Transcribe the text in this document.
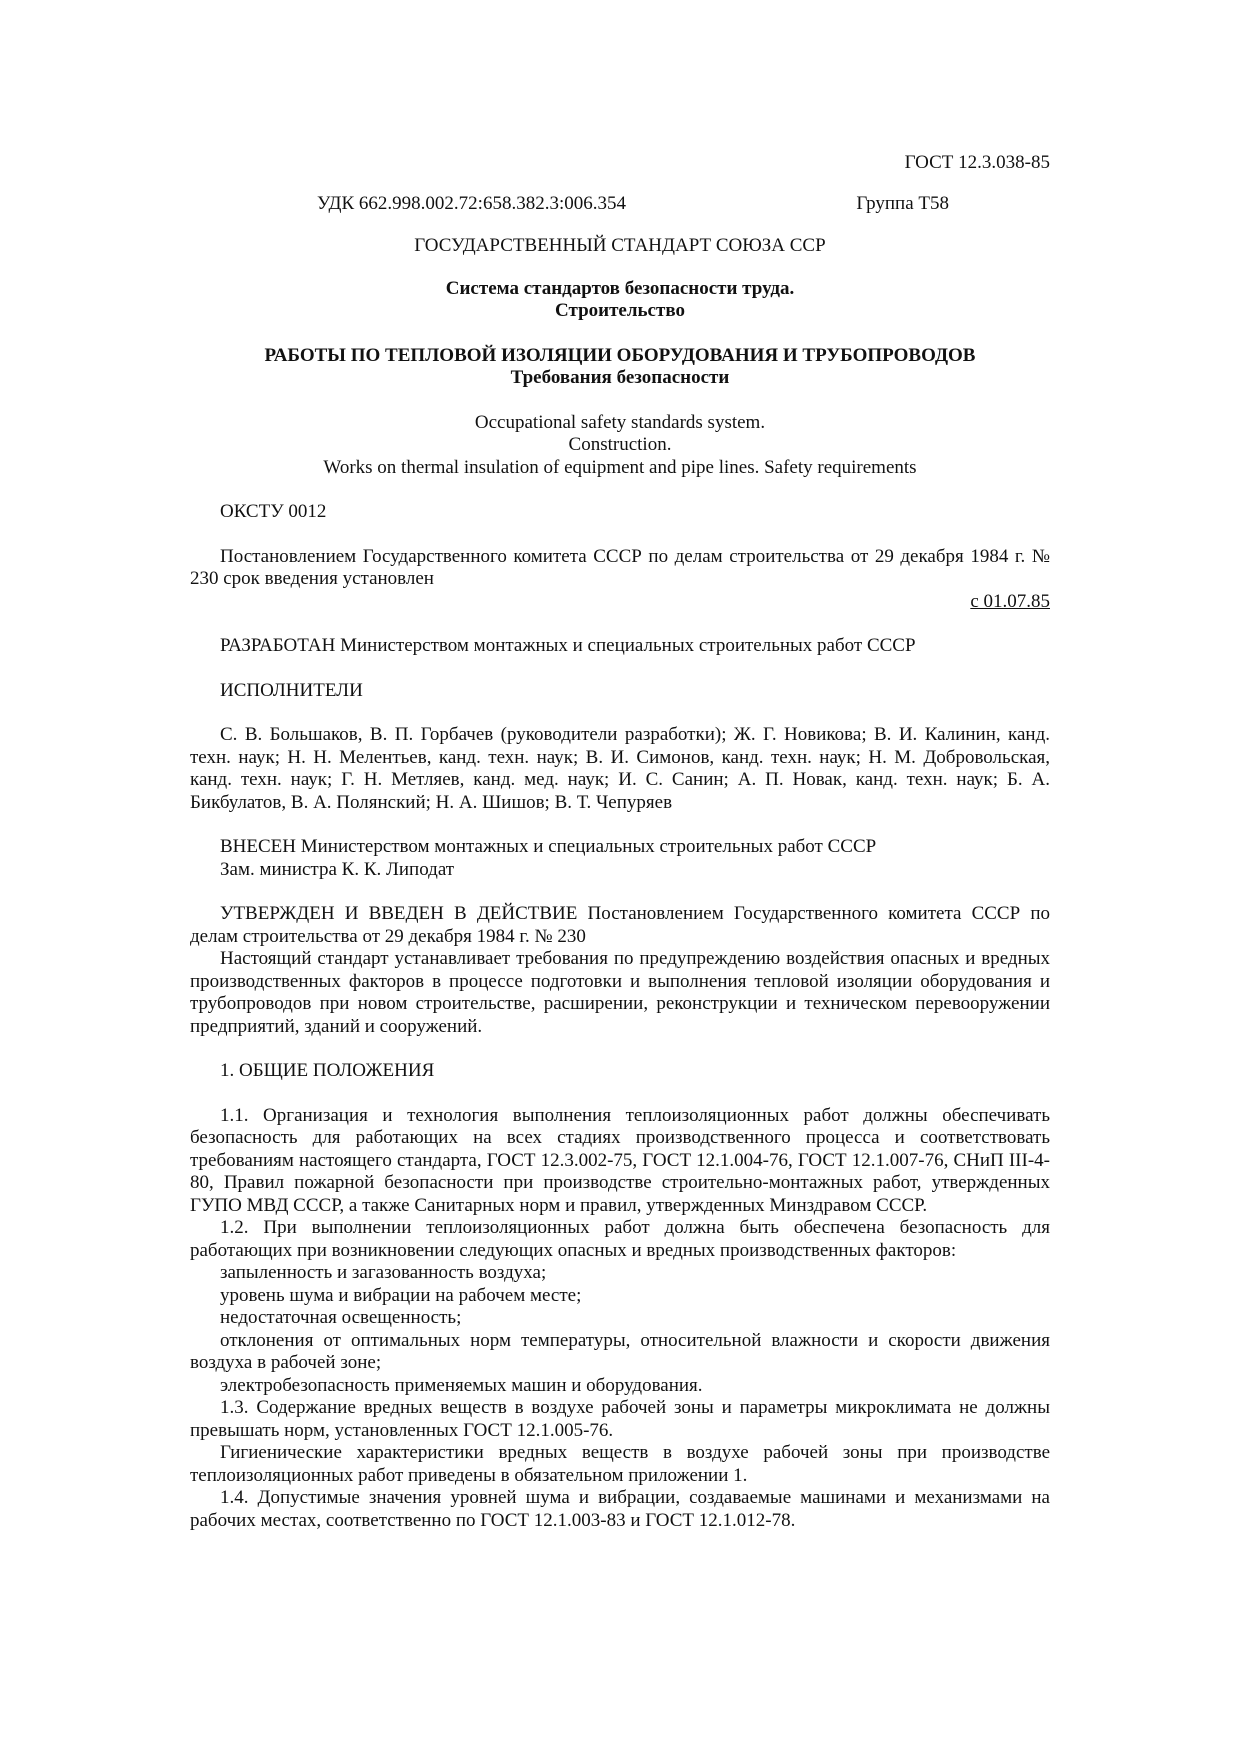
ГОСТ 12.3.038-85

УДК 662.998.002.72:658.382.3:006.354	Группа Т58

ГОСУДАРСТВЕННЫЙ СТАНДАРТ СОЮЗА ССР

Система стандартов безопасности труда.

Строительство

РАБОТЫ ПО ТЕПЛОВОЙ ИЗОЛЯЦИИ ОБОРУДОВАНИЯ И ТРУБОПРОВОДОВ

Требования безопасности

Occupational safety standards system.

Construction.

Works on thermal insulation of equipment and pipe lines. Safety requirements

ОКСТУ 0012

Постановлением Государственного комитета СССР по делам строительства от 29 декабря 1984 г. № 230 срок введения установлен

с 01.07.85

РАЗРАБОТАН Министерством монтажных и специальных строительных работ СССР

ИСПОЛНИТЕЛИ

С. В. Большаков, В. П. Горбачев (руководители разработки); Ж. Г. Новикова; В. И. Калинин, канд. техн. наук; Н. Н. Мелентьев, канд. техн. наук; В. И. Симонов, канд. техн. наук; Н. М. Добровольская, канд. техн. наук; Г. Н. Метляев, канд. мед. наук; И. С. Санин; А. П. Новак, канд. техн. наук; Б. А. Бикбулатов, В. А. Полянский; Н. А. Шишов; В. Т. Чепуряев

ВНЕСЕН Министерством монтажных и специальных строительных работ СССР

Зам. министра К. К. Липодат

УТВЕРЖДЕН И ВВЕДЕН В ДЕЙСТВИЕ Постановлением Государственного комитета СССР по делам строительства от 29 декабря 1984 г. № 230

Настоящий стандарт устанавливает требования по предупреждению воздействия опасных и вредных производственных факторов в процессе подготовки и выполнения тепловой изоляции оборудования и трубопроводов при новом строительстве, расширении, реконструкции и техническом перевооружении предприятий, зданий и сооружений.

1. ОБЩИЕ ПОЛОЖЕНИЯ

1.1. Организация и технология выполнения теплоизоляционных работ должны обеспечивать безопасность для работающих на всех стадиях производственного процесса и соответствовать требованиям настоящего стандарта, ГОСТ 12.3.002-75, ГОСТ 12.1.004-76, ГОСТ 12.1.007-76, СНиП III-4-80, Правил пожарной безопасности при производстве строительно-монтажных работ, утвержденных ГУПО МВД СССР, а также Санитарных норм и правил, утвержденных Минздравом СССР.

1.2. При выполнении теплоизоляционных работ должна быть обеспечена безопасность для работающих при возникновении следующих опасных и вредных производственных факторов:

запыленность и загазованность воздуха;

уровень шума и вибрации на рабочем месте;

недостаточная освещенность;

отклонения от оптимальных норм температуры, относительной влажности и скорости движения воздуха в рабочей зоне;

электробезопасность применяемых машин и оборудования.

1.3. Содержание вредных веществ в воздухе рабочей зоны и параметры микроклимата не должны превышать норм, установленных ГОСТ 12.1.005-76.

Гигиенические характеристики вредных веществ в воздухе рабочей зоны при производстве теплоизоляционных работ приведены в обязательном приложении 1.

1.4. Допустимые значения уровней шума и вибрации, создаваемые машинами и механизмами на рабочих местах, соответственно по ГОСТ 12.1.003-83 и ГОСТ 12.1.012-78.
